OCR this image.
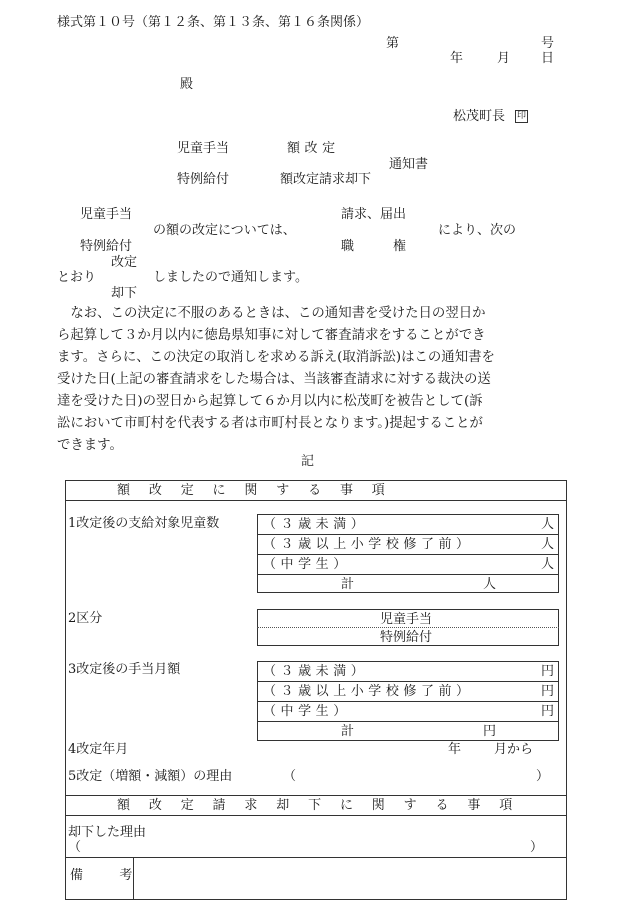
様式第１０号（第１２条、第１３条、第１６条関係）
第	号
年	月 日
殿
松茂町長 印
児童手当	額改定
通知書
特例給付	額改定請求却下
児童手当	請求、届出
の額の改定については、	により、次の
特例給付	職　　　権
改定
とおり	しましたので通知します。
却下
　なお、この決定に不服のあるときは、この通知書を受けた日の翌日か
ら起算して３か月以内に徳島県知事に対して審査請求をすることができ
ます。さらに、この決定の取消しを求める訴え(取消訴訟)はこの通知書を
受けた日(上記の審査請求をした場合は、当該審査請求に対する裁決の送
達を受けた日)の翌日から起算して６か月以内に松茂町を被告として(訴
訟において市町村を代表する者は市町村長となります。)提起することが
できます。
記
額改定に関する事項
1改定後の支給対象児童数	（３歳未満）	人
（３歳以上小学校修了前）	人
（中学生）	人
計	人
2区分	児童手当
特例給付
3改定後の手当月額	（３歳未満）	円
（３歳以上小学校修了前）	円
（中学生）	円
計	円
4改定年月	年	月から
5改定（増額・減額）の理由	（	）
額改定請求却下に関する事項
却下した理由
（	）
備　考
